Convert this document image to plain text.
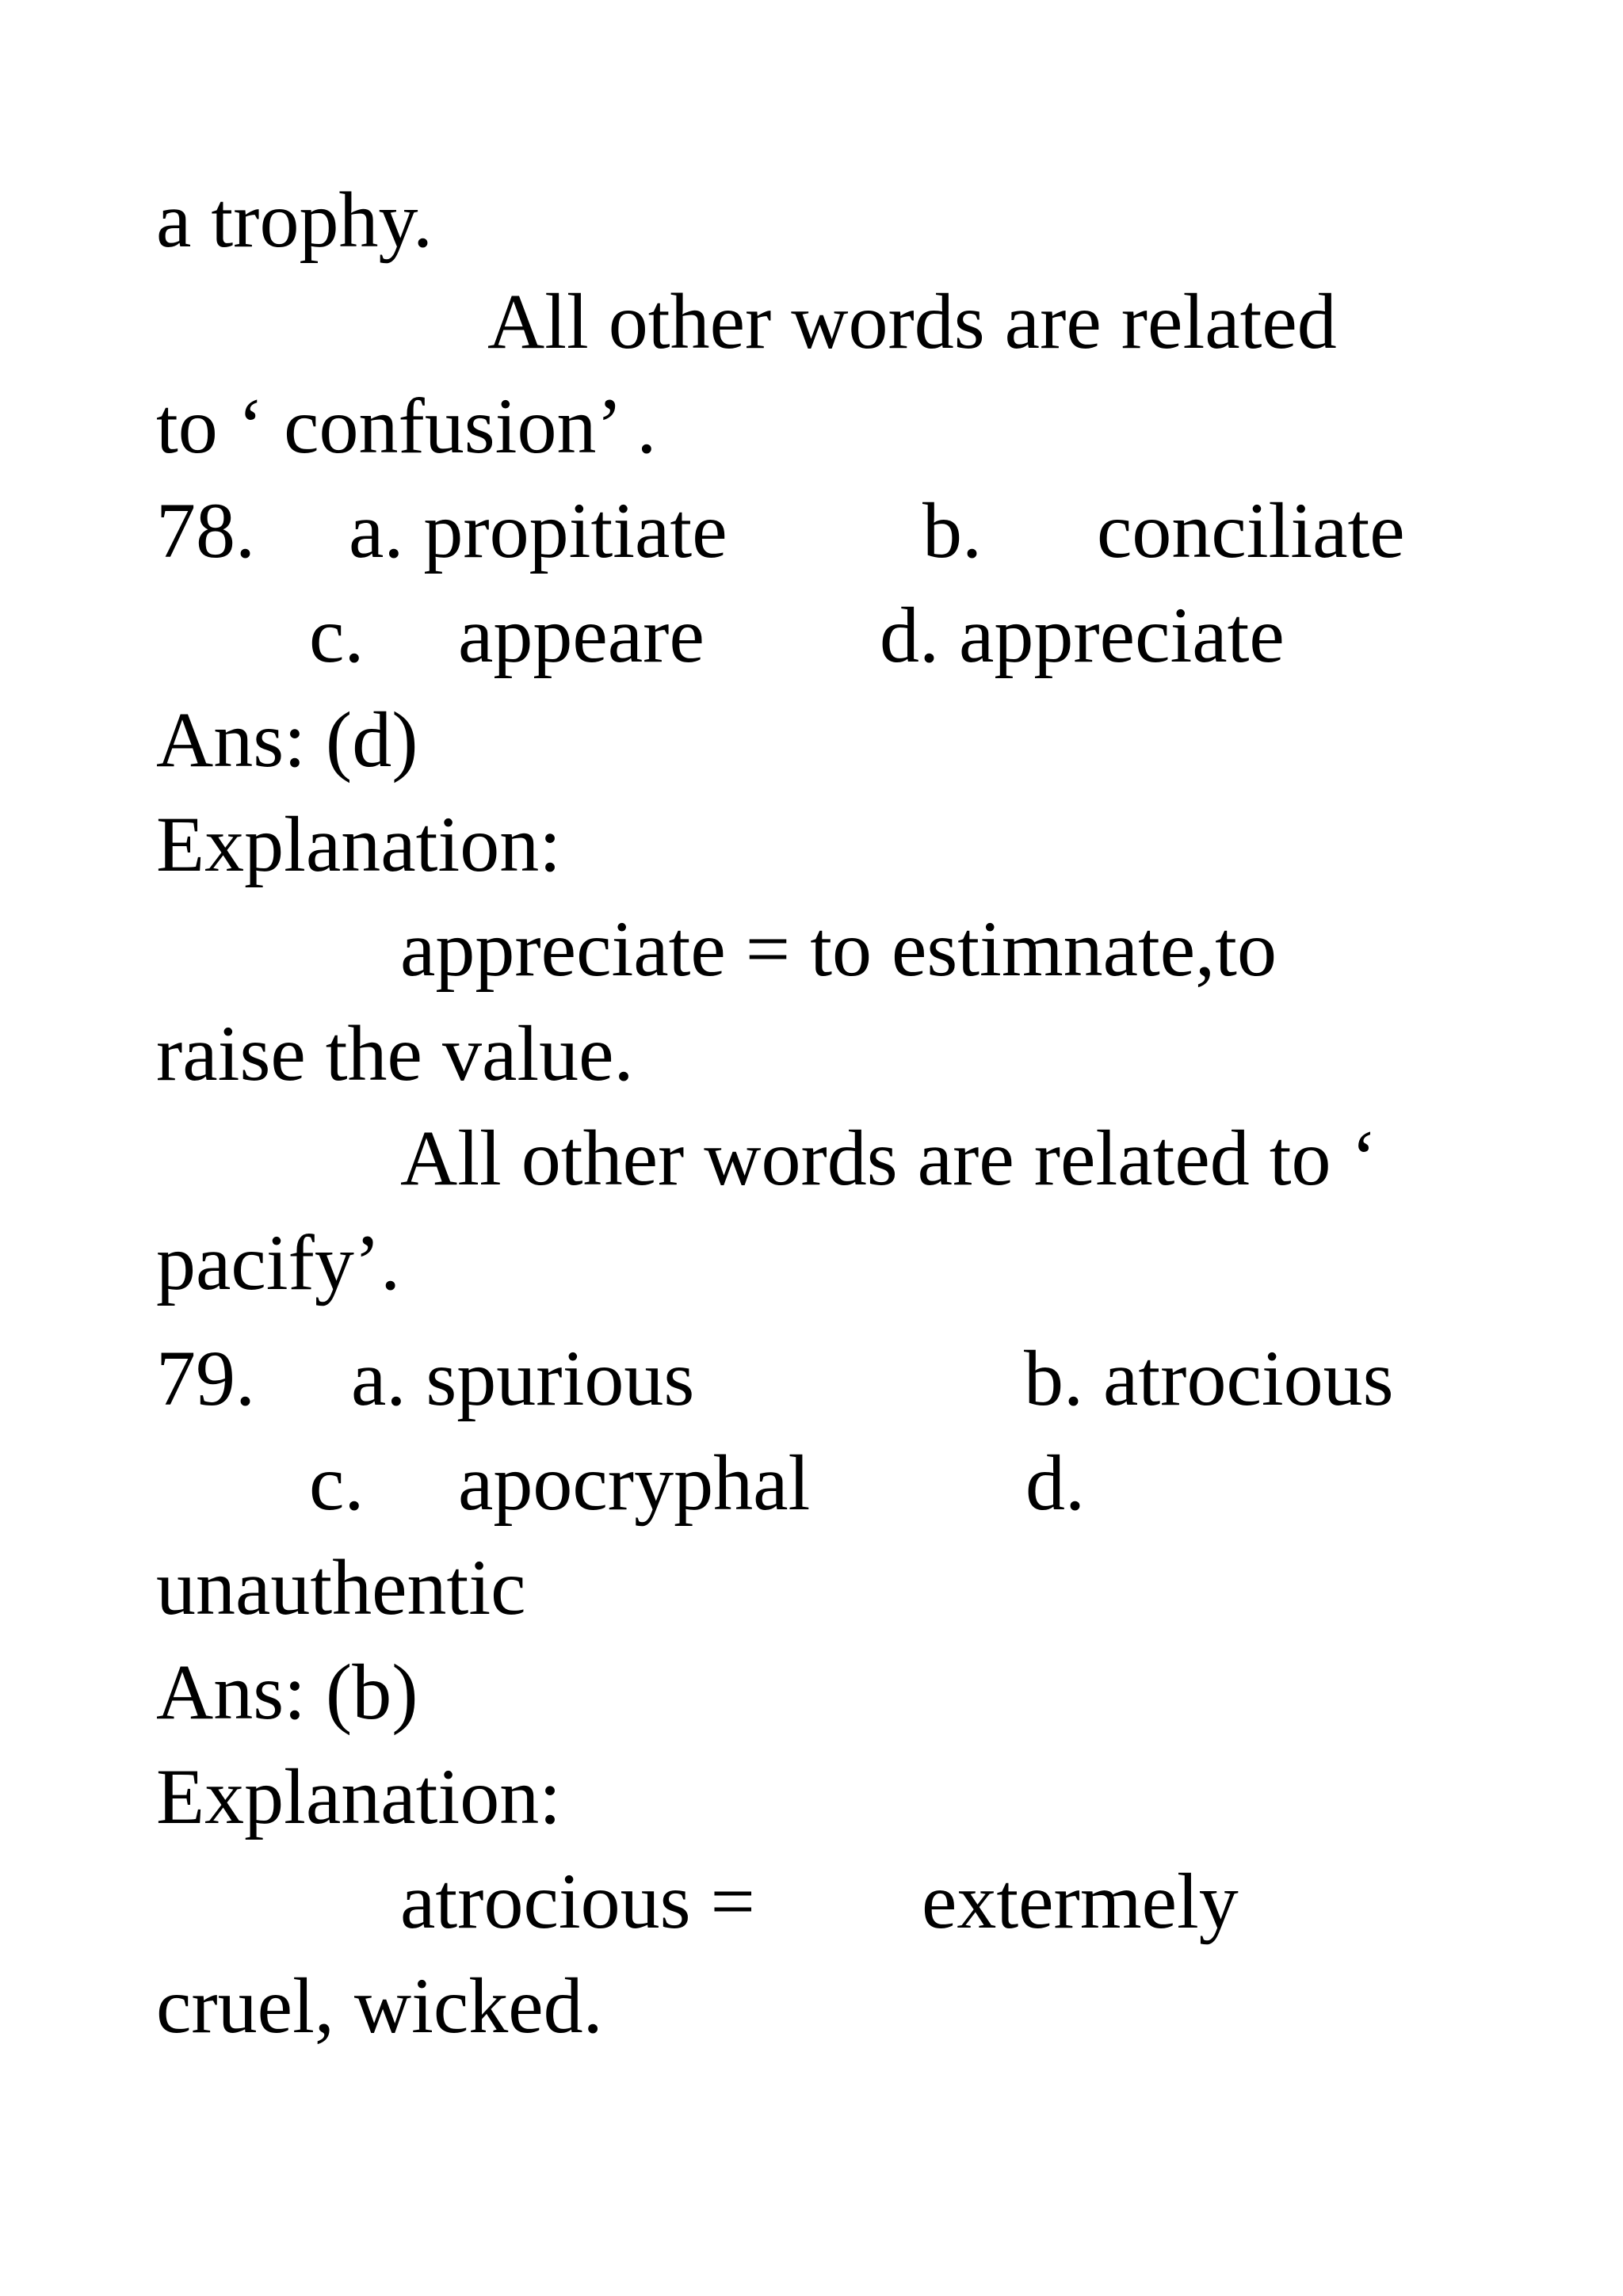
a trophy.
All other words are related
to ‘ confusion’ .

78.

a. propitiate

b.

conciliate

c.

appeare

d. appreciate

Ans: (d)
Explanation:
appreciate = to estimnate,to
raise the value.
All other words are related to ‘
pacify’.

79.

a. spurious

	b. atrocious

c.

apocryphal

	d.

unauthentic
Ans: (b)
Explanation:

atrocious =

extermely

cruel, wicked.
